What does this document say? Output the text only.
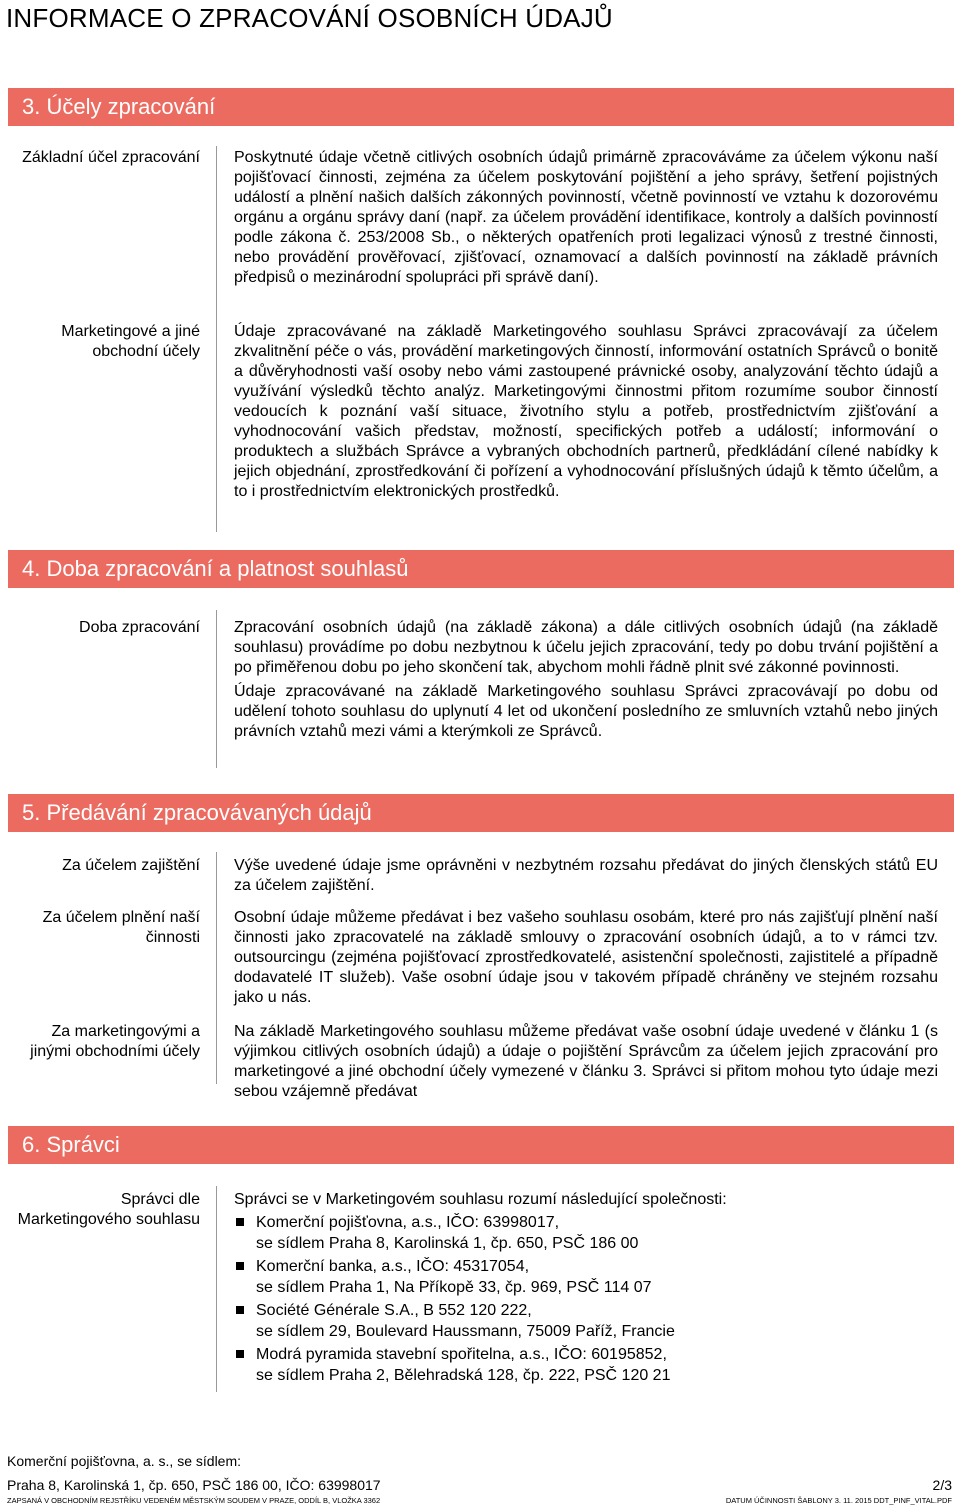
INFORMACE O ZPRACOVÁNÍ OSOBNÍCH ÚDAJŮ
3. Účely zpracování
Základní účel zpracování Poskytnuté údaje včetně citlivých osobních údajů primárně zpracováváme za účelem výkonu naší pojišťovací činnosti, zejména za účelem poskytování pojištění a jeho správy, šetření pojistných událostí a plnění našich dalších zákonných povinností, včetně povinností ve vztahu k dozorovému orgánu a orgánu správy daní (např. za účelem provádění identifikace, kontroly a dalších povinností podle zákona č. 253/2008 Sb., o některých opatřeních proti legalizaci výnosů z trestné činnosti, nebo provádění prověřovací, zjišťovací, oznamovací a dalších povinností na základě právních předpisů o mezinárodní spolupráci při správě daní).

Marketingové a jiné obchodní účely

Údaje zpracovávané na základě Marketingového souhlasu Správci zpracovávají za účelem zkvalitnění péče o vás, provádění marketingových činností, informování ostatních Správců o bonitě a důvěryhodnosti vaší osoby nebo vámi zastoupené právnické osoby, analyzování těchto údajů a využívání výsledků těchto analýz. Marketingovými činnostmi přitom rozumíme soubor činností vedoucích k poznání vaší situace, životního stylu a potřeb, prostřednictvím zjišťování a vyhodnocování vašich představ, možností, specifických potřeb a událostí; informování o produktech a službách Správce a vybraných obchodních partnerů, předkládání cílené nabídky k jejich objednání, zprostředkování či pořízení a vyhodnocování příslušných údajů k těmto účelům, a to i prostřednictvím elektronických prostředků.

4. Doba zpracování a platnost souhlasů
Doba zpracování Zpracování osobních údajů (na základě zákona) a dále citlivých osobních údajů (na základě souhlasu) provádíme po dobu nezbytnou k účelu jejich zpracování, tedy po dobu trvání pojištění a po přiměřenou dobu po jeho skončení tak, abychom mohli řádně plnit své zákonné povinnosti.

Údaje zpracovávané na základě Marketingového souhlasu Správci zpracovávají po dobu od udělení tohoto souhlasu do uplynutí 4 let od ukončení posledního ze smluvních vztahů nebo jiných právních vztahů mezi vámi a kterýmkoli ze Správců.

5. Předávání zpracovávaných údajů
Za účelem zajištění Výše uvedené údaje jsme oprávněni v nezbytném rozsahu předávat do jiných členských států EU za účelem zajištění.

Za účelem plnění naší činnosti

Osobní údaje můžeme předávat i bez vašeho souhlasu osobám, které pro nás zajišťují plnění naší činnosti jako zpracovatelé na základě smlouvy o zpracování osobních údajů, a to v rámci tzv. outsourcingu (zejména pojišťovací zprostředkovatelé, asistenční společnosti, zajistitelé a případně dodavatelé IT služeb). Vaše osobní údaje jsou v takovém případě chráněny ve stejném rozsahu jako u nás.

Za marketingovými a jinými obchodními účely

Na základě Marketingového souhlasu můžeme předávat vaše osobní údaje uvedené v článku 1 (s výjimkou citlivých osobních údajů) a údaje o pojištění Správcům za účelem jejich zpracování pro marketingové a jiné obchodní účely vymezené v článku 3. Správci si přitom mohou tyto údaje mezi sebou vzájemně předávat

6. Správci
Správci dle Marketingového souhlasu

Správci se v Marketingovém souhlasu rozumí následující společnosti:

Komerční pojišťovna, a.s., IČO: 63998017,
se sídlem Praha 8, Karolinská 1, čp. 650, PSČ 186 00
Komerční banka, a.s., IČO: 45317054,
se sídlem Praha 1, Na Příkopě 33, čp. 969, PSČ 114 07
Société Générale S.A., B 552 120 222,
se sídlem 29, Boulevard Haussmann, 75009 Paříž, Francie
Modrá pyramida stavební spořitelna, a.s., IČO: 60195852,
se sídlem Praha 2, Bělehradská 128, čp. 222, PSČ 120 21
Komerční pojišťovna, a. s., se sídlem:
Praha 8, Karolinská 1, čp. 650, PSČ 186 00, IČO: 63998017	2/3
ZAPSANÁ V OBCHODNÍM REJSTŘÍKU VEDENÉM MĚSTSKÝM SOUDEM V PRAZE, ODDÍL B, VLOŽKA 3362	DATUM ÚČINNOSTI ŠABLONY 3. 11. 2015 DDT_PINF_VITAL.PDF
